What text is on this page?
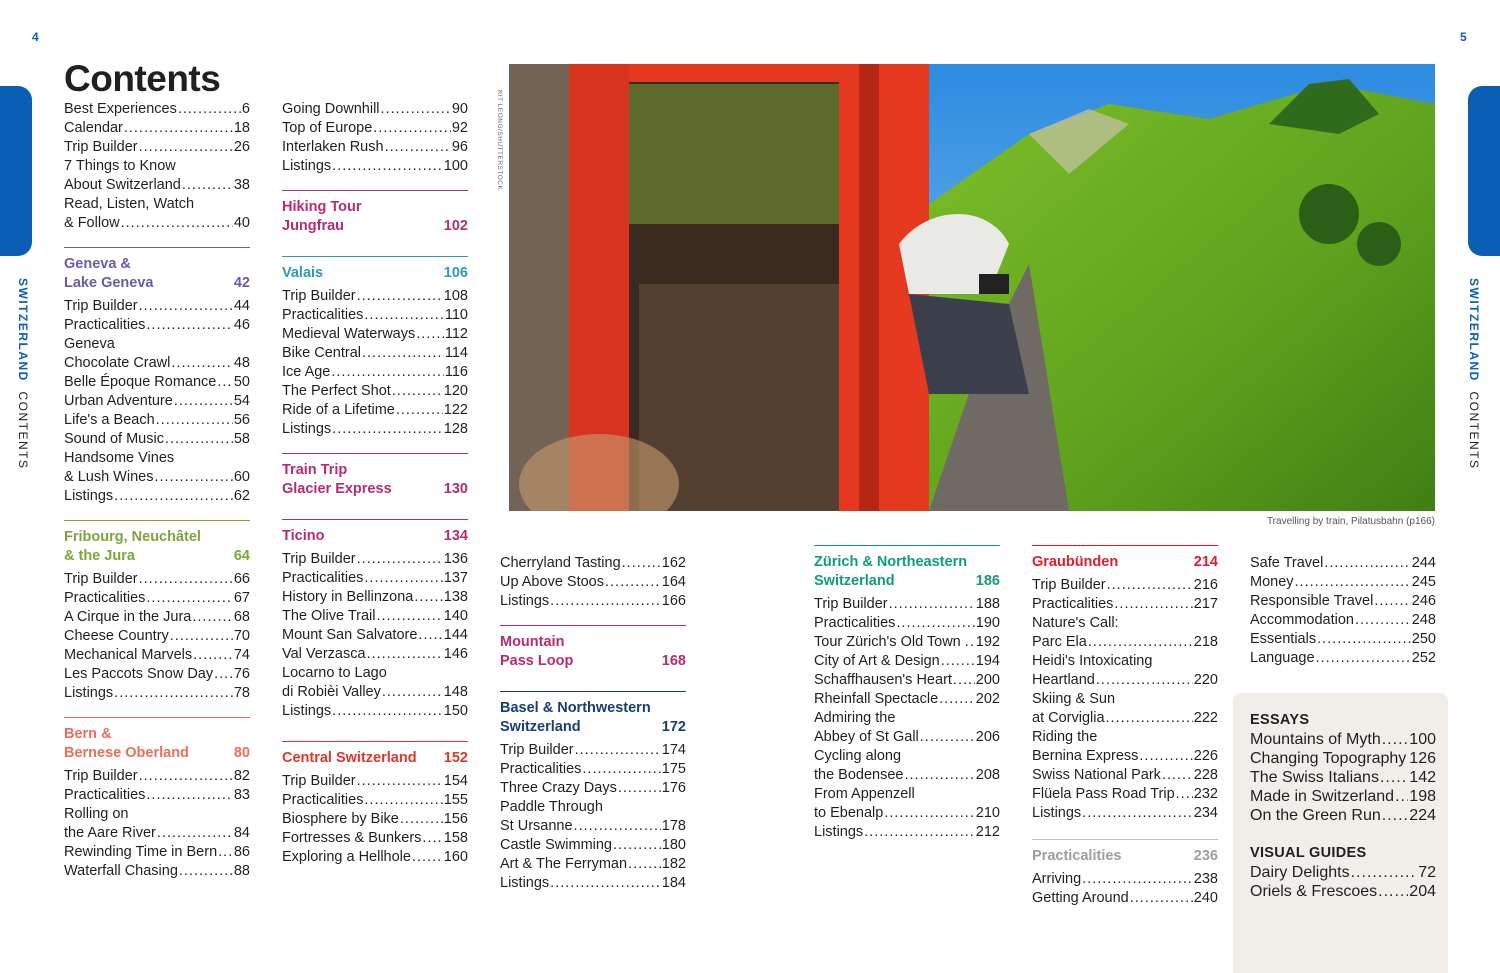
4	5
SWITZERLAND  CONTENTS
SWITZERLAND  CONTENTS
Contents
Best Experiences .....	6
Calendar .....	18
Trip Builder .....	26
7 Things to Know
About Switzerland .....	38
Read, Listen, Watch
& Follow .....	40
Geneva &
Lake Geneva	42
Trip Builder .....	44
Practicalities .....	46
Geneva
Chocolate Crawl .....	48
Belle Époque Romance ..... 50
Urban Adventure .....	54
Life's a Beach .....	56
Sound of Music .....	58
Handsome Vines
& Lush Wines .....	60
Listings .....	62
Fribourg, Neuchâtel
& the Jura	64
Trip Builder .....	66
Practicalities .....	67
A Cirque in the Jura .....	68
Cheese Country .....	70
Mechanical Marvels .....	74
Les Paccots Snow Day ..... 76
Listings .....	78
Bern &
Bernese Oberland	80
Trip Builder .....	82
Practicalities .....	83
Rolling on
the Aare River .....	84
Rewinding Time in Bern ..... 86
Waterfall Chasing .....	88
Going Downhill .....	90
Top of Europe .....	92
Interlaken Rush .....	96
Listings .....	100
Hiking Tour
Jungfrau	102
Valais	106
Trip Builder .....	108
Practicalities .....	110
Medieval Waterways ..... 112
Bike Central .....	114
Ice Age .....	116
The Perfect Shot .....	120
Ride of a Lifetime .....	122
Listings .....	128
Train Trip
Glacier Express	130
Ticino	134
Trip Builder .....	136
Practicalities .....	137
History in Bellinzona ..... 138
The Olive Trail .....	140
Mount San Salvatore ..... 144
Val Verzasca .....	146
Locarno to Lago
di Robièi Valley .....	148
Listings .....	150
Central Switzerland 152
Trip Builder .....	154
Practicalities .....	155
Biosphere by Bike .....	156
Fortresses & Bunkers ..... 158
Exploring a Hellhole ..... 160
KIT LEONG/SHUTTERSTOCK
Travelling by train, Pilatusbahn (p166)
Cherryland Tasting .....	162
Up Above Stoos .....	164
Listings .....	166
Mountain
Pass Loop	168
Basel & Northwestern
Switzerland	172
Trip Builder .....	174
Practicalities .....	175
Three Crazy Days .....	176
Paddle Through
St Ursanne .....	178
Castle Swimming .....	180
Art & The Ferryman ..... 182
Listings .....	184
Zürich & Northeastern
Switzerland	186
Trip Builder .....	188
Practicalities .....	190
Tour Zürich's Old Town . ..... 192
City of Art & Design ..... 194
Schaffhausen's Heart ..... 200
Rheinfall Spectacle .....	202
Admiring the
Abbey of St Gall .....	206
Cycling along
the Bodensee .....	208
From Appenzell
to Ebenalp .....	210
Listings .....	212
Graubünden	214
Trip Builder .....	216
Practicalities .....	217
Nature's Call:
Parc Ela .....	218
Heidi's Intoxicating
Heartland .....	220
Skiing & Sun
at Corviglia .....	222
Riding the
Bernina Express .....	226
Swiss National Park ..... 228
Flüela Pass Road Trip ..... 232
Listings .....	234
Practicalities	236
Arriving .....	238
Getting Around .....	240
Safe Travel .....	244
Money .....	245
Responsible Travel .....	246
Accommodation .....	248
Essentials .....	250
Language .....	252
ESSAYS
Mountains of Myth ..... 100
Changing Topography ..... 126
The Swiss Italians ..... 142
Made in Switzerland ..... 198
On the Green Run ..... 224
VISUAL GUIDES
Dairy Delights .....	72
Oriels & Frescoes ..... 204
